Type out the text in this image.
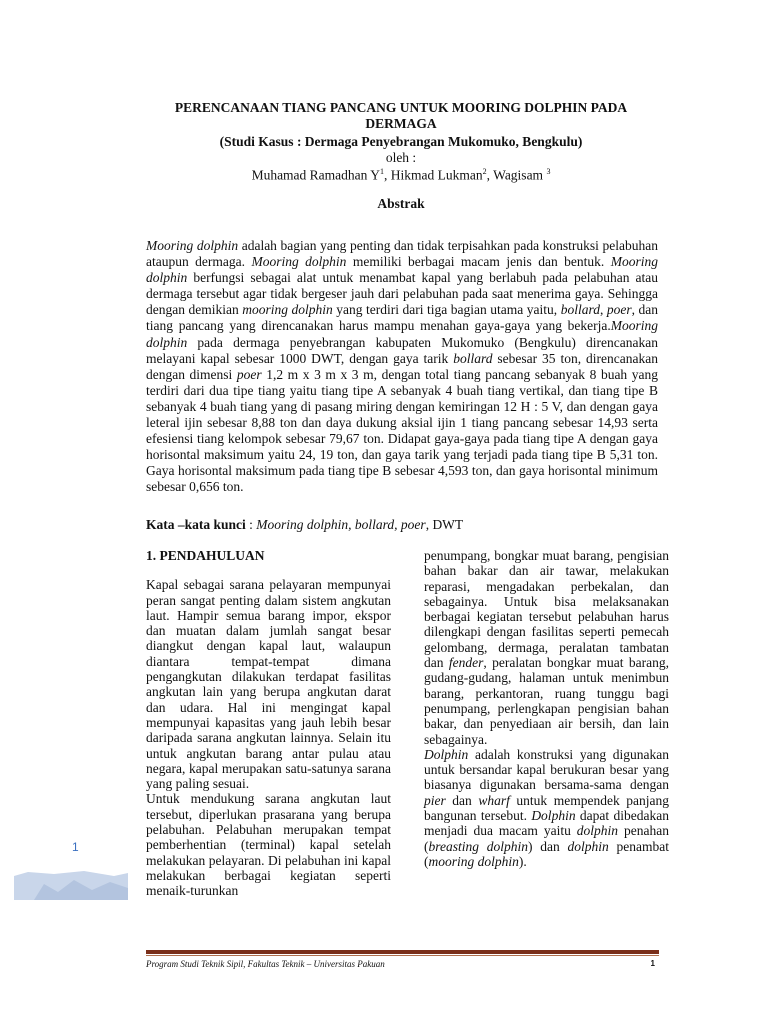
PERENCANAAN TIANG PANCANG UNTUK MOORING DOLPHIN PADA DERMAGA
(Studi Kasus : Dermaga Penyebrangan Mukomuko, Bengkulu)
oleh :
Muhamad Ramadhan $Y^1$, Hikmad Lukman$^2$, Wagisam $^3$
Abstrak
Mooring dolphin adalah bagian yang penting dan tidak terpisahkan pada konstruksi pelabuhan ataupun dermaga. Mooring dolphin memiliki berbagai macam jenis dan bentuk. Mooring dolphin berfungsi sebagai alat untuk menambat kapal yang berlabuh pada pelabuhan atau dermaga tersebut agar tidak bergeser jauh dari pelabuhan pada saat menerima gaya. Sehingga dengan demikian mooring dolphin yang terdiri dari tiga bagian utama yaitu, bollard, poer, dan tiang pancang yang direncanakan harus mampu menahan gaya-gaya yang bekerja.Mooring dolphin pada dermaga penyebrangan kabupaten Mukomuko (Bengkulu) direncanakan melayani kapal sebesar 1000 DWT, dengan gaya tarik bollard sebesar 35 ton, direncanakan dengan dimensi poer 1,2 m x 3 m x 3 m, dengan total tiang pancang sebanyak 8 buah yang terdiri dari dua tipe tiang yaitu tiang tipe A sebanyak 4 buah tiang vertikal, dan tiang tipe B sebanyak 4 buah tiang yang di pasang miring dengan kemiringan 12 H : 5 V, dan dengan gaya leteral ijin sebesar 8,88 ton dan daya dukung aksial ijin 1 tiang pancang sebesar 14,93 serta efesiensi tiang kelompok sebesar 79,67 ton. Didapat gaya-gaya pada tiang tipe A dengan gaya horisontal maksimum yaitu 24, 19 ton, dan gaya tarik yang terjadi pada tiang tipe B 5,31 ton. Gaya horisontal maksimum pada tiang tipe B sebesar 4,593 ton, dan gaya horisontal minimum sebesar 0,656 ton.
Kata –kata kunci : Mooring dolphin, bollard, poer, DWT
1. PENDAHULUAN

Kapal sebagai sarana pelayaran mempunyai peran sangat penting dalam sistem angkutan laut. Hampir semua barang impor, ekspor dan muatan dalam jumlah sangat besar diangkut dengan kapal laut, walaupun diantara tempat-tempat dimana pengangkutan dilakukan terdapat fasilitas angkutan lain yang berupa angkutan darat dan udara. Hal ini mengingat kapal mempunyai kapasitas yang jauh lebih besar daripada sarana angkutan lainnya. Selain itu untuk angkutan barang antar pulau atau negara, kapal merupakan satu-satunya sarana yang paling sesuai.

Untuk mendukung sarana angkutan laut tersebut, diperlukan prasarana yang berupa pelabuhan. Pelabuhan merupakan tempat pemberhentian (terminal) kapal setelah melakukan pelayaran. Di pelabuhan ini kapal melakukan berbagai kegiatan seperti menaik-turunkan

penumpang, bongkar muat barang, pengisian bahan bakar dan air tawar, melakukan reparasi, mengadakan perbekalan, dan sebagainya. Untuk bisa melaksanakan berbagai kegiatan tersebut pelabuhan harus dilengkapi dengan fasilitas seperti pemecah gelombang, dermaga, peralatan tambatan dan fender, peralatan bongkar muat barang, gudang-gudang, halaman untuk menimbun barang, perkantoran, ruang tunggu bagi penumpang, perlengkapan pengisian bahan bakar, dan penyediaan air bersih, dan lain sebagainya.

Dolphin adalah konstruksi yang digunakan untuk bersandar kapal berukuran besar yang biasanya digunakan bersama-sama dengan pier dan wharf untuk mempendek panjang bangunan tersebut. Dolphin dapat dibedakan menjadi dua macam yaitu dolphin penahan (breasting dolphin) dan dolphin penambat (mooring dolphin).

1
Program Studi Teknik Sipil, Fakultas Teknik – Universitas Pakuan	1
